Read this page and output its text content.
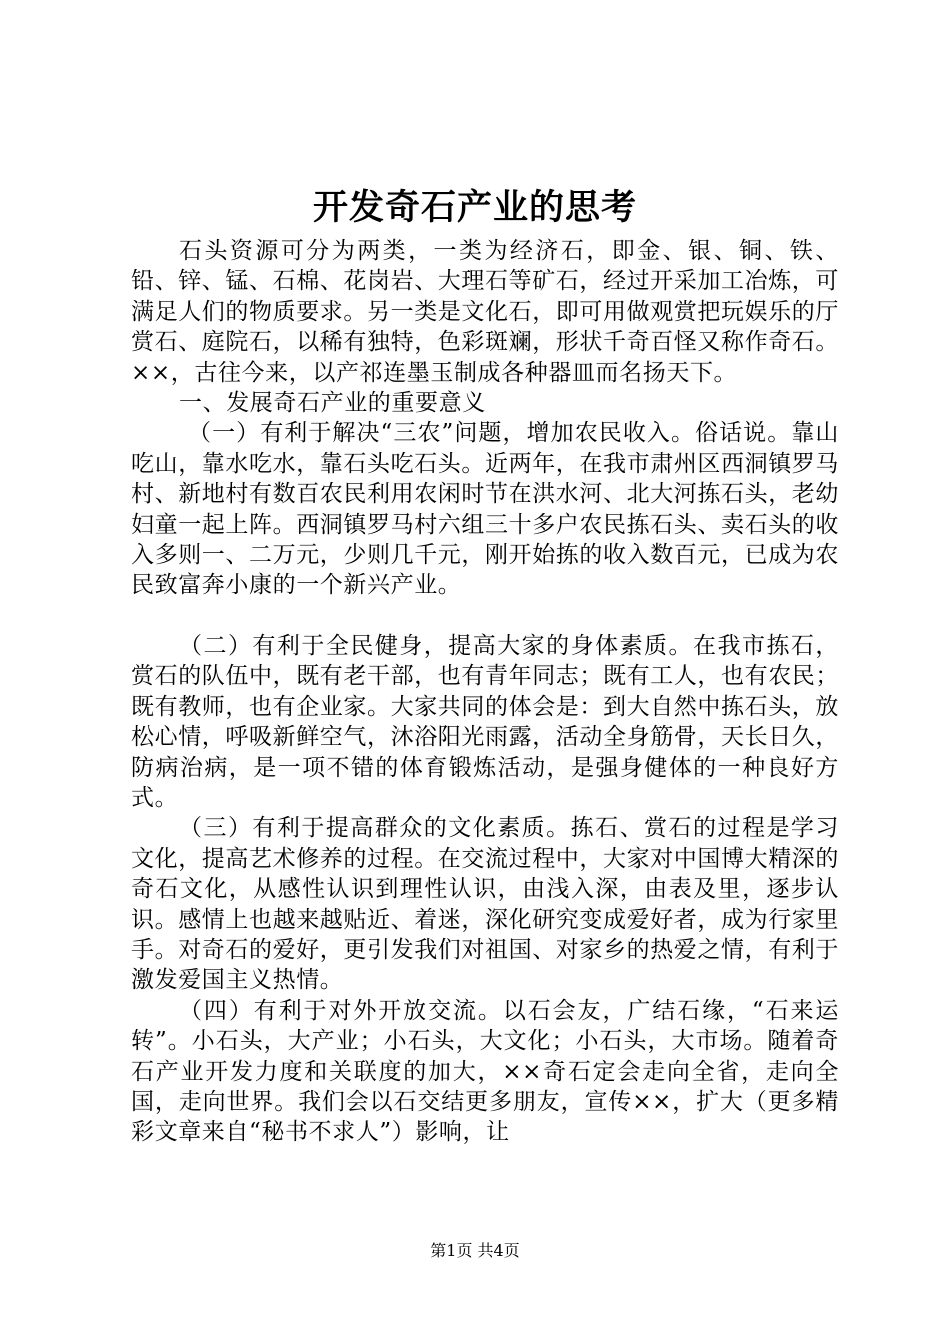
开发奇石产业的思考

石头资源可分为两类，一类为经济石，即金、银、铜、铁、铅、锌、锰、石棉、花岗岩、大理石等矿石，经过开采加工冶炼，可满足人们的物质要求。另一类是文化石，即可用做观赏把玩娱乐的厅赏石、庭院石，以稀有独特，色彩斑斓，形状千奇百怪又称作奇石。××，古往今来，以产祁连墨玉制成各种器皿而名扬天下。

一、发展奇石产业的重要意义

（一）有利于解决“三农”问题，增加农民收入。俗话说。靠山吃山，靠水吃水，靠石头吃石头。近两年，在我市肃州区西洞镇罗马村、新地村有数百农民利用农闲时节在洪水河、北大河拣石头，老幼妇童一起上阵。西洞镇罗马村六组三十多户农民拣石头、卖石头的收入多则一、二万元，少则几千元，刚开始拣的收入数百元，已成为农民致富奔小康的一个新兴产业。

（二）有利于全民健身，提高大家的身体素质。在我市拣石，赏石的队伍中，既有老干部，也有青年同志；既有工人，也有农民；既有教师，也有企业家。大家共同的体会是：到大自然中拣石头，放松心情，呼吸新鲜空气，沐浴阳光雨露，活动全身筋骨，天长日久，防病治病，是一项不错的体育锻炼活动，是强身健体的一种良好方式。

（三）有利于提高群众的文化素质。拣石、赏石的过程是学习文化，提高艺术修养的过程。在交流过程中，大家对中国博大精深的奇石文化，从感性认识到理性认识，由浅入深，由表及里，逐步认识。感情上也越来越贴近、着迷，深化研究变成爱好者，成为行家里手。对奇石的爱好，更引发我们对祖国、对家乡的热爱之情，有利于激发爱国主义热情。

（四）有利于对外开放交流。以石会友，广结石缘，“石来运转”。小石头，大产业；小石头，大文化；小石头，大市场。随着奇石产业开发力度和关联度的加大，××奇石定会走向全省，走向全国，走向世界。我们会以石交结更多朋友，宣传××，扩大（更多精彩文章来自“秘书不求人”）影响，让

第1页 共4页
